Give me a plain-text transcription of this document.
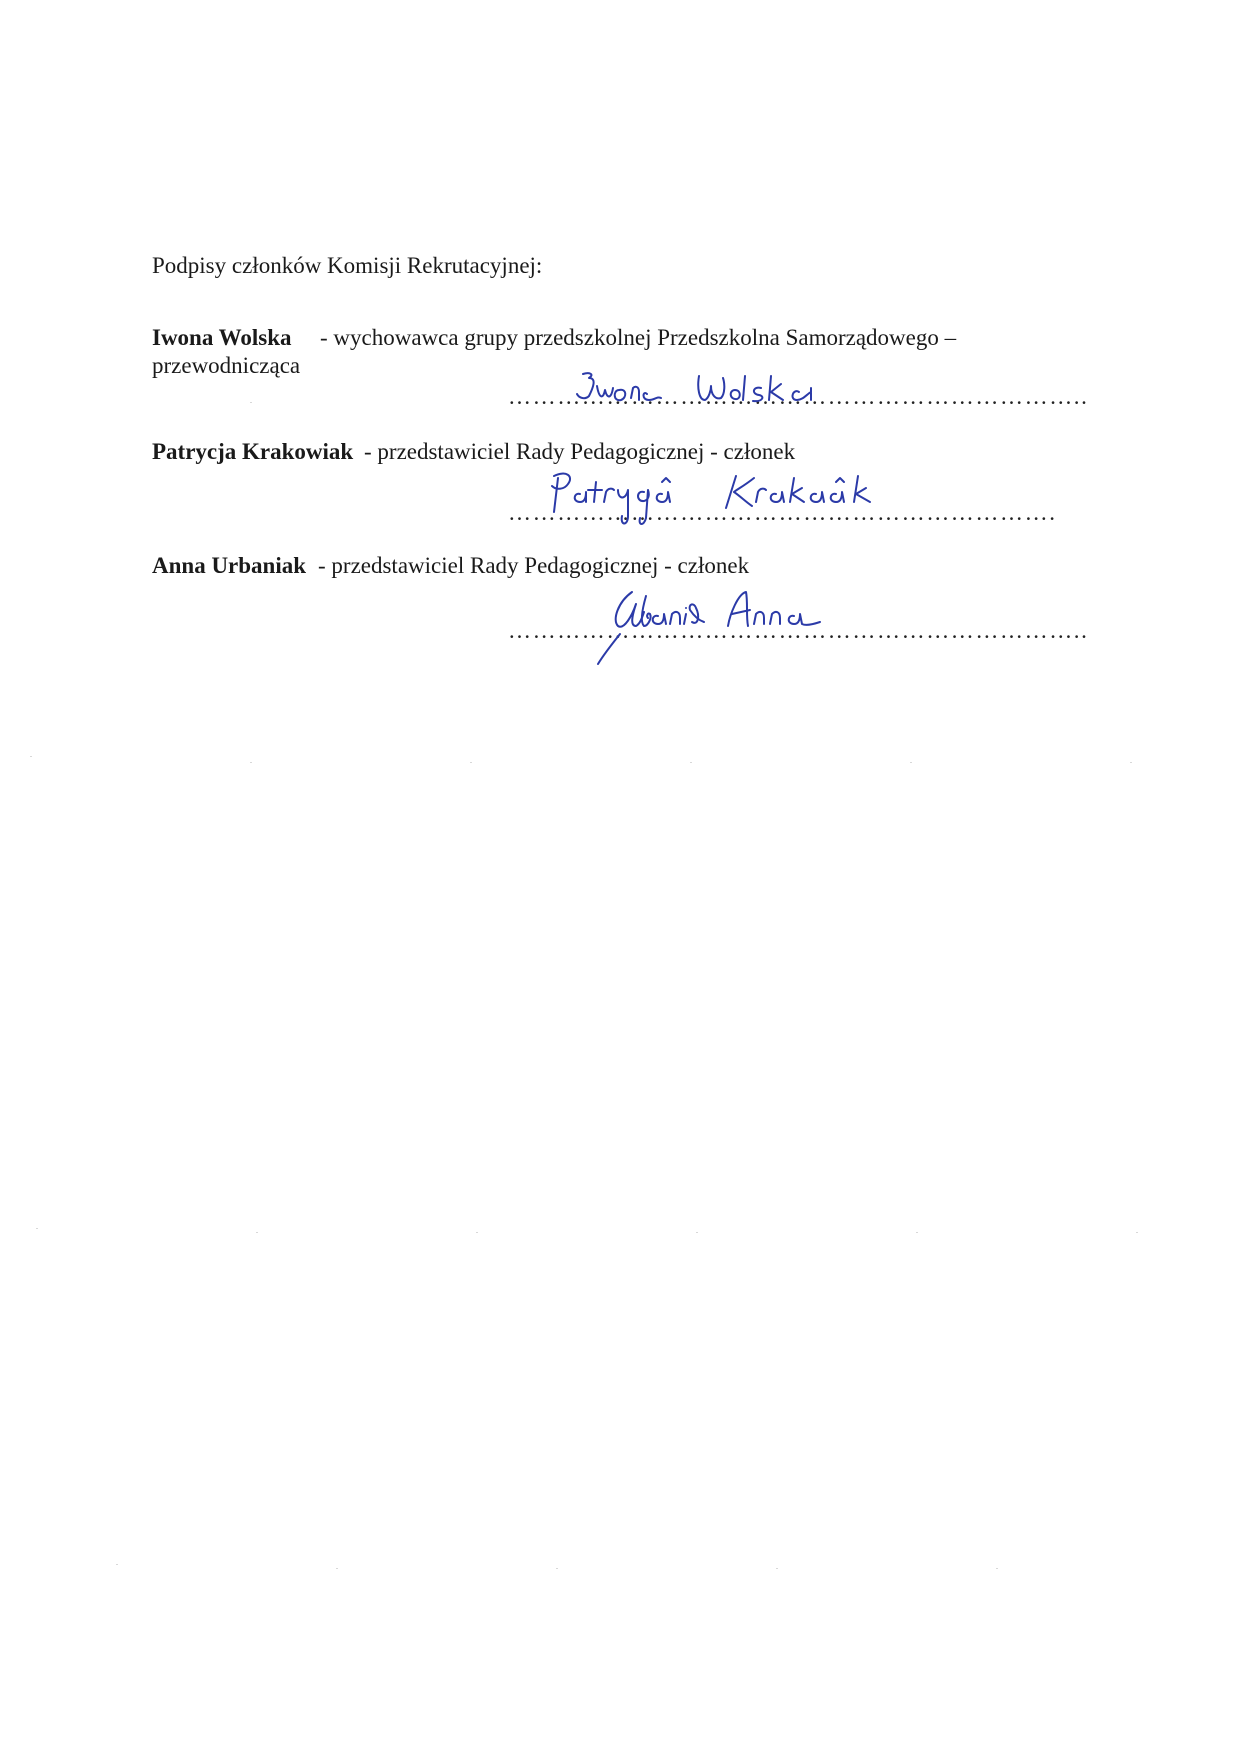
Podpisy członków Komisji Rekrutacyjnej:
Iwona Wolska - wychowawca grupy przedszkolnej Przedszkolna Samorządowego –
przewodnicząca
……………………………………………………………..
Patrycja Krakowiak - przedstawiciel Rady Pedagogicznej - członek
………………………………………………………….
Anna Urbaniak - przedstawiciel Rady Pedagogicznej - członek
……………………………………………………………..
